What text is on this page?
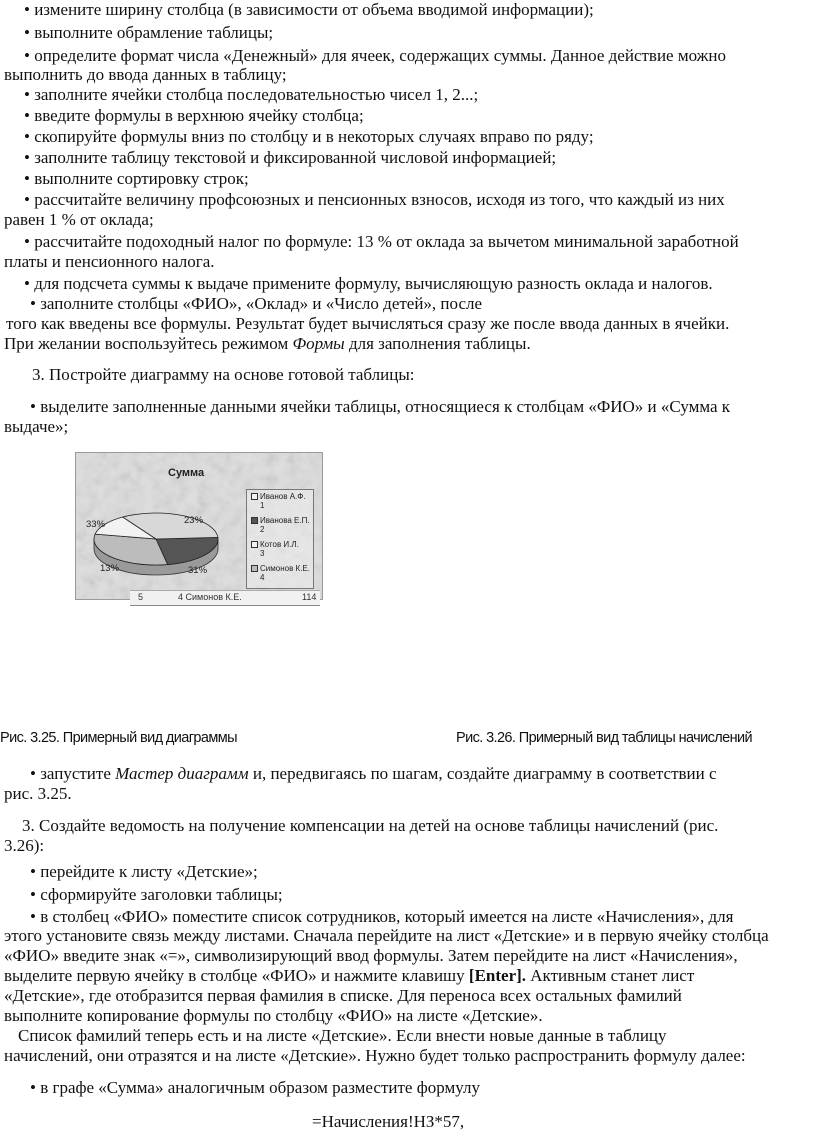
• измените ширину столбца (в зависимости от объема вводимой информации);
• выполните обрамление таблицы;
• определите формат числа «Денежный» для ячеек, содержащих суммы. Данное действие можно
выполнить до ввода данных в таблицу;
• заполните ячейки столбца последовательностью чисел 1, 2...;
• введите формулы в верхнюю ячейку столбца;
• скопируйте формулы вниз по столбцу и в некоторых случаях вправо по ряду;
• заполните таблицу текстовой и фиксированной числовой информацией;
• выполните сортировку строк;
• рассчитайте величину профсоюзных и пенсионных взносов, исходя из того, что каждый из них
равен 1 % от оклада;
• рассчитайте подоходный налог по формуле: 13 % от оклада за вычетом минимальной заработной
платы и пенсионного налога.
• для подсчета суммы к выдаче примените формулу, вычисляющую разность оклада и налогов.
• заполните столбцы «ФИО», «Оклад» и «Число детей», после
того как введены все формулы. Результат будет вычисляться сразу же после ввода данных в ячейки.
При желании воспользуйтесь режимом Формы для заполнения таблицы.
3. Постройте диаграмму на основе готовой таблицы:
• выделите заполненные данными ячейки таблицы, относящиеся к столбцам «ФИО» и «Сумма к
выдаче»;
Сумма
33%	23%
13%	31%
Иванов А.Ф.
1
Иванова Е.П.
2
Котов И.Л.
3
Симонов К.Е.
4
5	4 Симонов К.Е.	114
Рис. 3.25. Примерный вид диаграммы	Рис. 3.26. Примерный вид таблицы начислений
• запустите Мастер диаграмм и, передвигаясь по шагам, создайте диаграмму в соответствии с
рис. 3.25.
3. Создайте ведомость на получение компенсации на детей на основе таблицы начислений (рис.
3.26):
• перейдите к листу «Детские»;
• сформируйте заголовки таблицы;
• в столбец «ФИО» поместите список сотрудников, который имеется на листе «Начисления», для
этого установите связь между листами. Сначала перейдите на лист «Детские» и в первую ячейку столбца
«ФИО» введите знак «=», символизирующий ввод формулы. Затем перейдите на лист «Начисления»,
выделите первую ячейку в столбце «ФИО» и нажмите клавишу [Enter]. Активным станет лист
«Детские», где отобразится первая фамилия в списке. Для переноса всех остальных фамилий
выполните копирование формулы по столбцу «ФИО» на листе «Детские».
Список фамилий теперь есть и на листе «Детские». Если внести новые данные в таблицу
начислений, они отразятся и на листе «Детские». Нужно будет только распространить формулу далее:
• в графе «Сумма» аналогичным образом разместите формулу
=Начисления!НЗ*57,
